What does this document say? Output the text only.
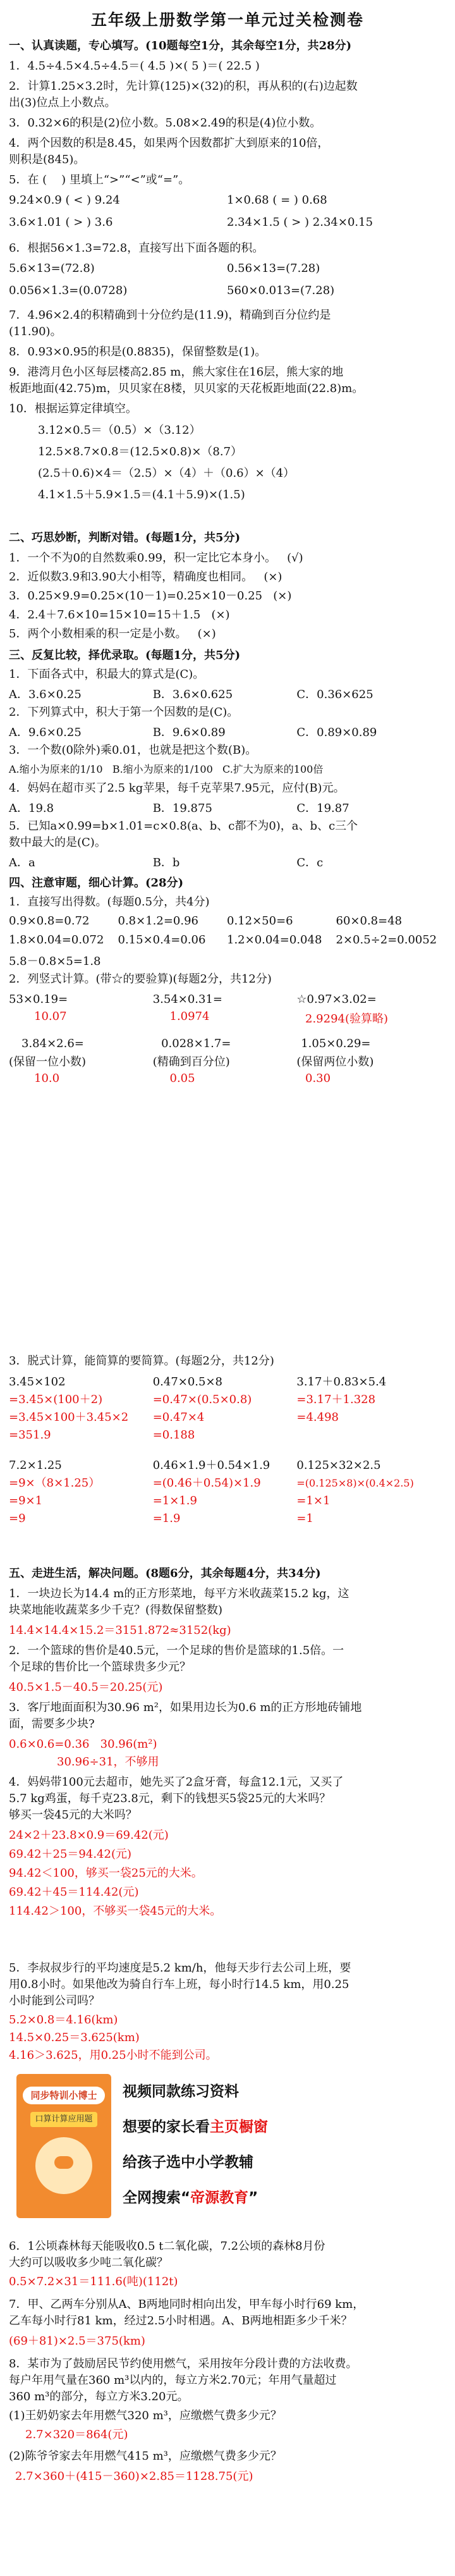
五年级上册数学第一单元过关检测卷
一、认真读题，专心填写。(10题每空1分，其余每空1分，共28分)
1．4.5÷4.5×4.5÷4.5＝( 4.5 )×( 5 )＝( 22.5 )
2．计算1.25×3.2时，先计算(125)×(32)的积，再从积的(右)边起数
出(3)位点上小数点。
3．0.32×6的积是(2)位小数。5.08×2.49的积是(4)位小数。
4．两个因数的积是8.45，如果两个因数都扩大到原来的10倍，
则积是(845)。
5．在 (    ) 里填上“>”“<”或“=”。
9.24×0.9 ( < ) 9.24	1×0.68 ( = ) 0.68
3.6×1.01 ( > ) 3.6	2.34×1.5 ( > ) 2.34×0.15
6．根据56×1.3=72.8，直接写出下面各题的积。
5.6×13=(72.8)	0.56×13=(7.28)
0.056×1.3=(0.0728)	560×0.013=(7.28)
7．4.96×2.4的积精确到十分位约是(11.9)，精确到百分位约是
(11.90)。
8．0.93×0.95的积是(0.8835)，保留整数是(1)。
9．港湾月色小区每层楼高2.85 m，熊大家住在16层，熊大家的地
板距地面(42.75)m，贝贝家在8楼，贝贝家的天花板距地面(22.8)m。
10．根据运算定律填空。
3.12×0.5＝（0.5）×（3.12）
12.5×8.7×0.8＝(12.5×0.8)×（8.7）
(2.5＋0.6)×4＝（2.5）×（4）＋（0.6）×（4）
4.1×1.5＋5.9×1.5＝(4.1＋5.9)×(1.5)
二、巧思妙断，判断对错。(每题1分，共5分)
1．一个不为0的自然数乘0.99，积一定比它本身小。   (√)
2．近似数3.9和3.90大小相等，精确度也相同。   (×)
3．0.25×9.9=0.25×(10－1)=0.25×10－0.25   (×)
4．2.4＋7.6×10=15×10=15＋1.5   (×)
5．两个小数相乘的积一定是小数。   (×)
三、反复比较，择优录取。(每题1分，共5分)
1．下面各式中，积最大的算式是(C)。
A．3.6×0.25	B．3.6×0.625	C．0.36×625
2．下列算式中，积大于第一个因数的是(C)。
A．9.6×0.25	B．9.6×0.89	C．0.89×0.89
3．一个数(0除外)乘0.01，也就是把这个数(B)。
A.缩小为原来的1/10   B.缩小为原来的1/100   C.扩大为原来的100倍
4．妈妈在超市买了2.5 kg苹果，每千克苹果7.95元，应付(B)元。
A．19.8	B．19.875	C．19.87
5．已知a×0.99=b×1.01=c×0.8(a、b、c都不为0)，a、b、c三个
数中最大的是(C)。
A．a	B．b	C．c
四、注意审题，细心计算。(28分)
1．直接写出得数。(每题0.5分，共4分)
0.9×0.8=0.72	0.8×1.2=0.96	0.12×50=6	60×0.8=48
1.8×0.04=0.072	0.15×0.4=0.06	1.2×0.04=0.048	2×0.5÷2=0.0052
5.8－0.8×5=1.8
2．列竖式计算。(带☆的要验算)(每题2分，共12分)
53×0.19=	3.54×0.31=	☆0.97×3.02=
10.07	1.0974	2.9294(验算略)
3.84×2.6=	0.028×1.7=	1.05×0.29=
(保留一位小数)	(精确到百分位)	(保留两位小数)
10.0	0.05	0.30
3．脱式计算，能简算的要简算。(每题2分，共12分)
3.45×102	0.47×0.5×8	3.17＋0.83×5.4
=3.45×(100＋2)	=0.47×(0.5×0.8)	=3.17＋1.328
=3.45×100＋3.45×2	=0.47×4	=4.498
=351.9	=0.188
7.2×1.25	0.46×1.9＋0.54×1.9	0.125×32×2.5
=9×（8×1.25）	=(0.46＋0.54)×1.9	=(0.125×8)×(0.4×2.5)
=9×1	=1×1.9	=1×1
=9	=1.9	=1
五、走进生活，解决问题。(8题6分，其余每题4分，共34分)
1．一块边长为14.4 m的正方形菜地，每平方米收蔬菜15.2 kg，这
块菜地能收蔬菜多少千克？(得数保留整数)
14.4×14.4×15.2＝3151.872≈3152(kg)
2．一个篮球的售价是40.5元，一个足球的售价是篮球的1.5倍。一
个足球的售价比一个篮球贵多少元？
40.5×1.5－40.5＝20.25(元)
3．客厅地面面积为30.96 m²，如果用边长为0.6 m的正方形地砖铺地
面，需要多少块?
0.6×0.6=0.36   30.96(m²)
30.96÷31，不够用
4．妈妈带100元去超市，她先买了2盒牙膏，每盒12.1元，又买了
5.7 kg鸡蛋，每千克23.8元，剩下的钱想买5袋25元的大米吗？
够买一袋45元的大米吗？
24×2＋23.8×0.9＝69.42(元)
69.42＋25＝94.42(元)
94.42＜100，够买一袋25元的大米。
69.42＋45＝114.42(元)
114.42＞100，不够买一袋45元的大米。
5．李叔叔步行的平均速度是5.2 km/h，他每天步行去公司上班，要
用0.8小时。如果他改为骑自行车上班，每小时行14.5 km，用0.25
小时能到公司吗？
5.2×0.8＝4.16(km)
14.5×0.25＝3.625(km)
4.16＞3.625，用0.25小时不能到公司。
同步特训小博士
口算计算应用题
视频同款练习资料
想要的家长看主页橱窗
给孩子选中小学教辅
全网搜索“帝源教育”
6．1公顷森林每天能吸收0.5 t二氧化碳，7.2公顷的森林8月份
大约可以吸收多少吨二氧化碳？
0.5×7.2×31＝111.6(吨)(112t)
7．甲、乙两车分别从A、B两地同时相向出发，甲车每小时行69 km，
乙车每小时行81 km，经过2.5小时相遇。A、B两地相距多少千米？
(69＋81)×2.5＝375(km)
8．某市为了鼓励居民节约使用燃气，采用按年分段计费的方法收费。
每户年用气量在360 m³以内的，每立方米2.70元；年用气量超过
360 m³的部分，每立方米3.20元。
(1)王奶奶家去年用燃气320 m³，应缴燃气费多少元？
2.7×320＝864(元)
(2)陈爷爷家去年用燃气415 m³，应缴燃气费多少元？
2.7×360＋(415－360)×2.85＝1128.75(元)
